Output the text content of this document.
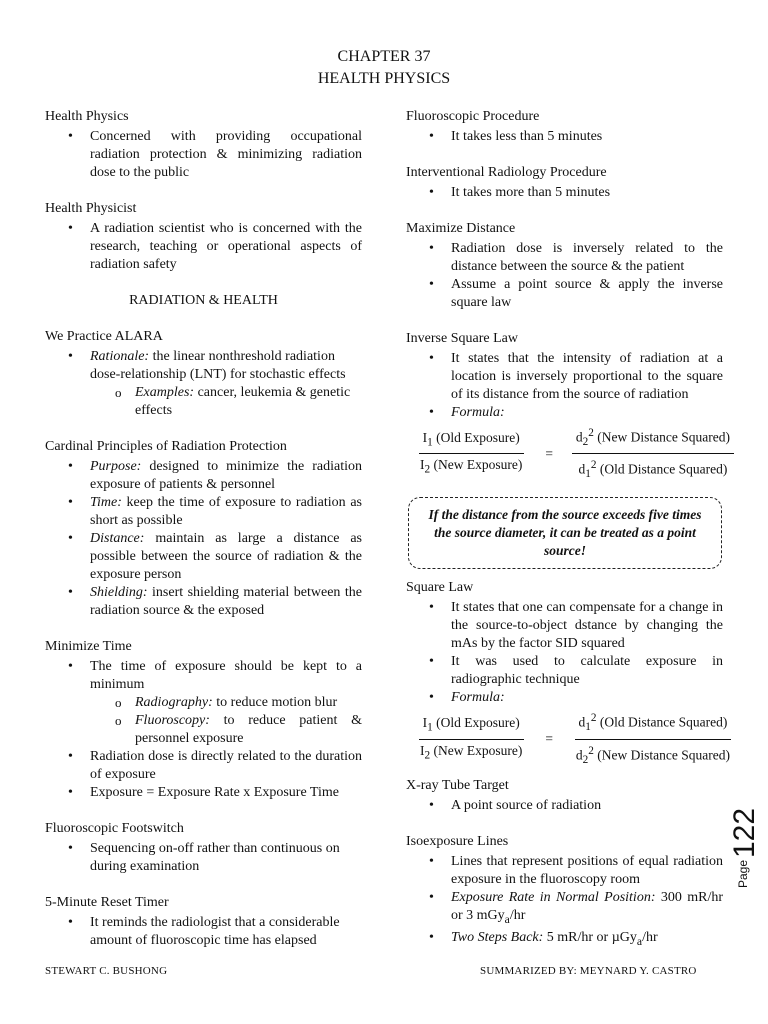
CHAPTER 37
HEALTH PHYSICS
Health Physics
• Concerned with providing occupational radiation protection & minimizing radiation dose to the public
Health Physicist
• A radiation scientist who is concerned with the research, teaching or operational aspects of radiation safety
RADIATION & HEALTH
We Practice ALARA
• Rationale: the linear nonthreshold radiation dose-relationship (LNT) for stochastic effects
o Examples: cancer, leukemia & genetic effects
Cardinal Principles of Radiation Protection
• Purpose: designed to minimize the radiation exposure of patients & personnel
• Time: keep the time of exposure to radiation as short as possible
• Distance: maintain as large a distance as possible between the source of radiation & the exposure person
• Shielding: insert shielding material between the radiation source & the exposed
Minimize Time
• The time of exposure should be kept to a minimum
o Radiography: to reduce motion blur
o Fluoroscopy: to reduce patient & personnel exposure
• Radiation dose is directly related to the duration of exposure
• Exposure = Exposure Rate x Exposure Time
Fluoroscopic Footswitch
• Sequencing on-off rather than continuous on during examination
5-Minute Reset Timer
• It reminds the radiologist that a considerable amount of fluoroscopic time has elapsed
Fluoroscopic Procedure
• It takes less than 5 minutes
Interventional Radiology Procedure
• It takes more than 5 minutes
Maximize Distance
• Radiation dose is inversely related to the distance between the source & the patient
• Assume a point source & apply the inverse square law
Inverse Square Law
• It states that the intensity of radiation at a location is inversely proportional to the square of its distance from the source of radiation
• Formula:
$\frac{I_1 (Old Exposure)}{I_2 (New Exposure)} = \frac{d_2^2 (New Distance Squared)}{d_1^2 (Old Distance Squared)}$
If the distance from the source exceeds five times the source diameter, it can be treated as a point source!
Square Law
• It states that one can compensate for a change in the source-to-object dstance by changing the mAs by the factor SID squared
• It was used to calculate exposure in radiographic technique
• Formula:
$\frac{I_1 (Old Exposure)}{I_2 (New Exposure)} = \frac{d_1^2 (Old Distance Squared)}{d_2^2 (New Distance Squared)}$
X-ray Tube Target
• A point source of radiation
Isoexposure Lines
• Lines that represent positions of equal radiation exposure in the fluoroscopy room
• Exposure Rate in Normal Position: 300 mR/hr or 3 mGy$_a$/hr
• Two Steps Back: 5 mR/hr or µGy$_a$/hr
Page
122
STEWART C. BUSHONG	SUMMARIZED BY: MEYNARD Y. CASTRO
